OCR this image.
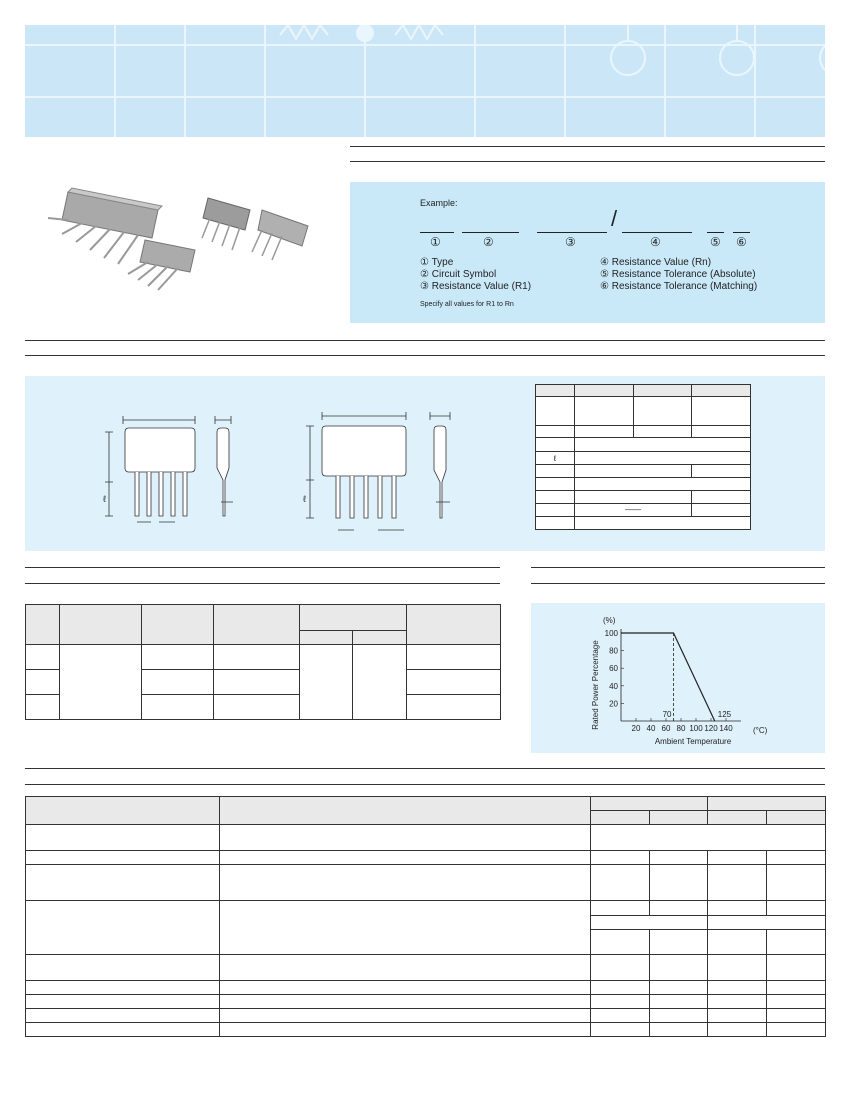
Example:
/
①	②	③	④	⑤ ⑥
① Type
② Circuit Symbol
③ Resistance Value (R1)
④ Resistance Value (Rn)
⑤ Resistance Tolerance (Absolute)
⑥ Resistance Tolerance (Matching)
Specify all values for R1 to Rn
ℓ	ℓ

ℓ			

	——		

(%)
Rated Power Percentage
Ambient Temperature
(°C)
20 40 60 80 100 120 140
20
40
60
80
100
70	125
